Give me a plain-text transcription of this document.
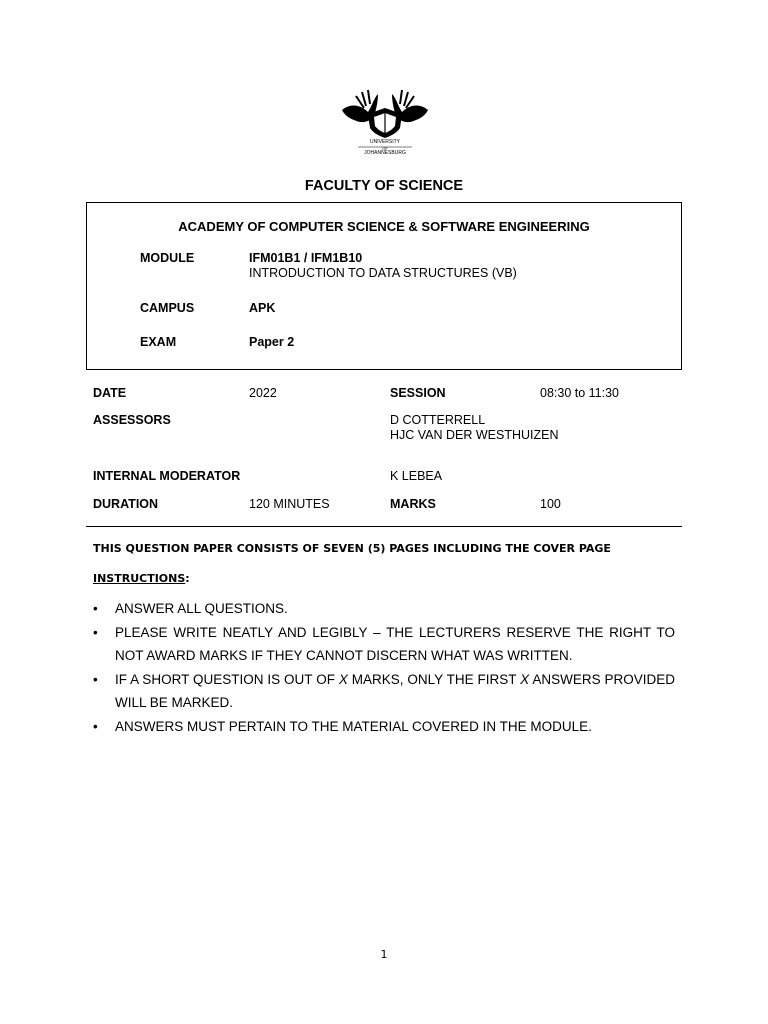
UNIVERSITY
OF
JOHANNESBURG
FACULTY OF SCIENCE
ACADEMY OF COMPUTER SCIENCE & SOFTWARE ENGINEERING
MODULE	IFM01B1 / IFM1B10
INTRODUCTION TO DATA STRUCTURES (VB)
CAMPUS	APK
EXAM	Paper 2
DATE	2022	SESSION	08:30 to 11:30
ASSESSORS	D COTTERRELL
HJC VAN DER WESTHUIZEN
INTERNAL MODERATOR	K LEBEA
DURATION	120 MINUTES	MARKS	100
THIS QUESTION PAPER CONSISTS OF SEVEN (5) PAGES INCLUDING THE COVER PAGE
INSTRUCTIONS:
• ANSWER ALL QUESTIONS.
• PLEASE WRITE NEATLY AND LEGIBLY – THE LECTURERS RESERVE THE RIGHT TO NOT AWARD MARKS IF THEY CANNOT DISCERN WHAT WAS WRITTEN.
• IF A SHORT QUESTION IS OUT OF X MARKS, ONLY THE FIRST X ANSWERS PROVIDED WILL BE MARKED.
• ANSWERS MUST PERTAIN TO THE MATERIAL COVERED IN THE MODULE.
1
